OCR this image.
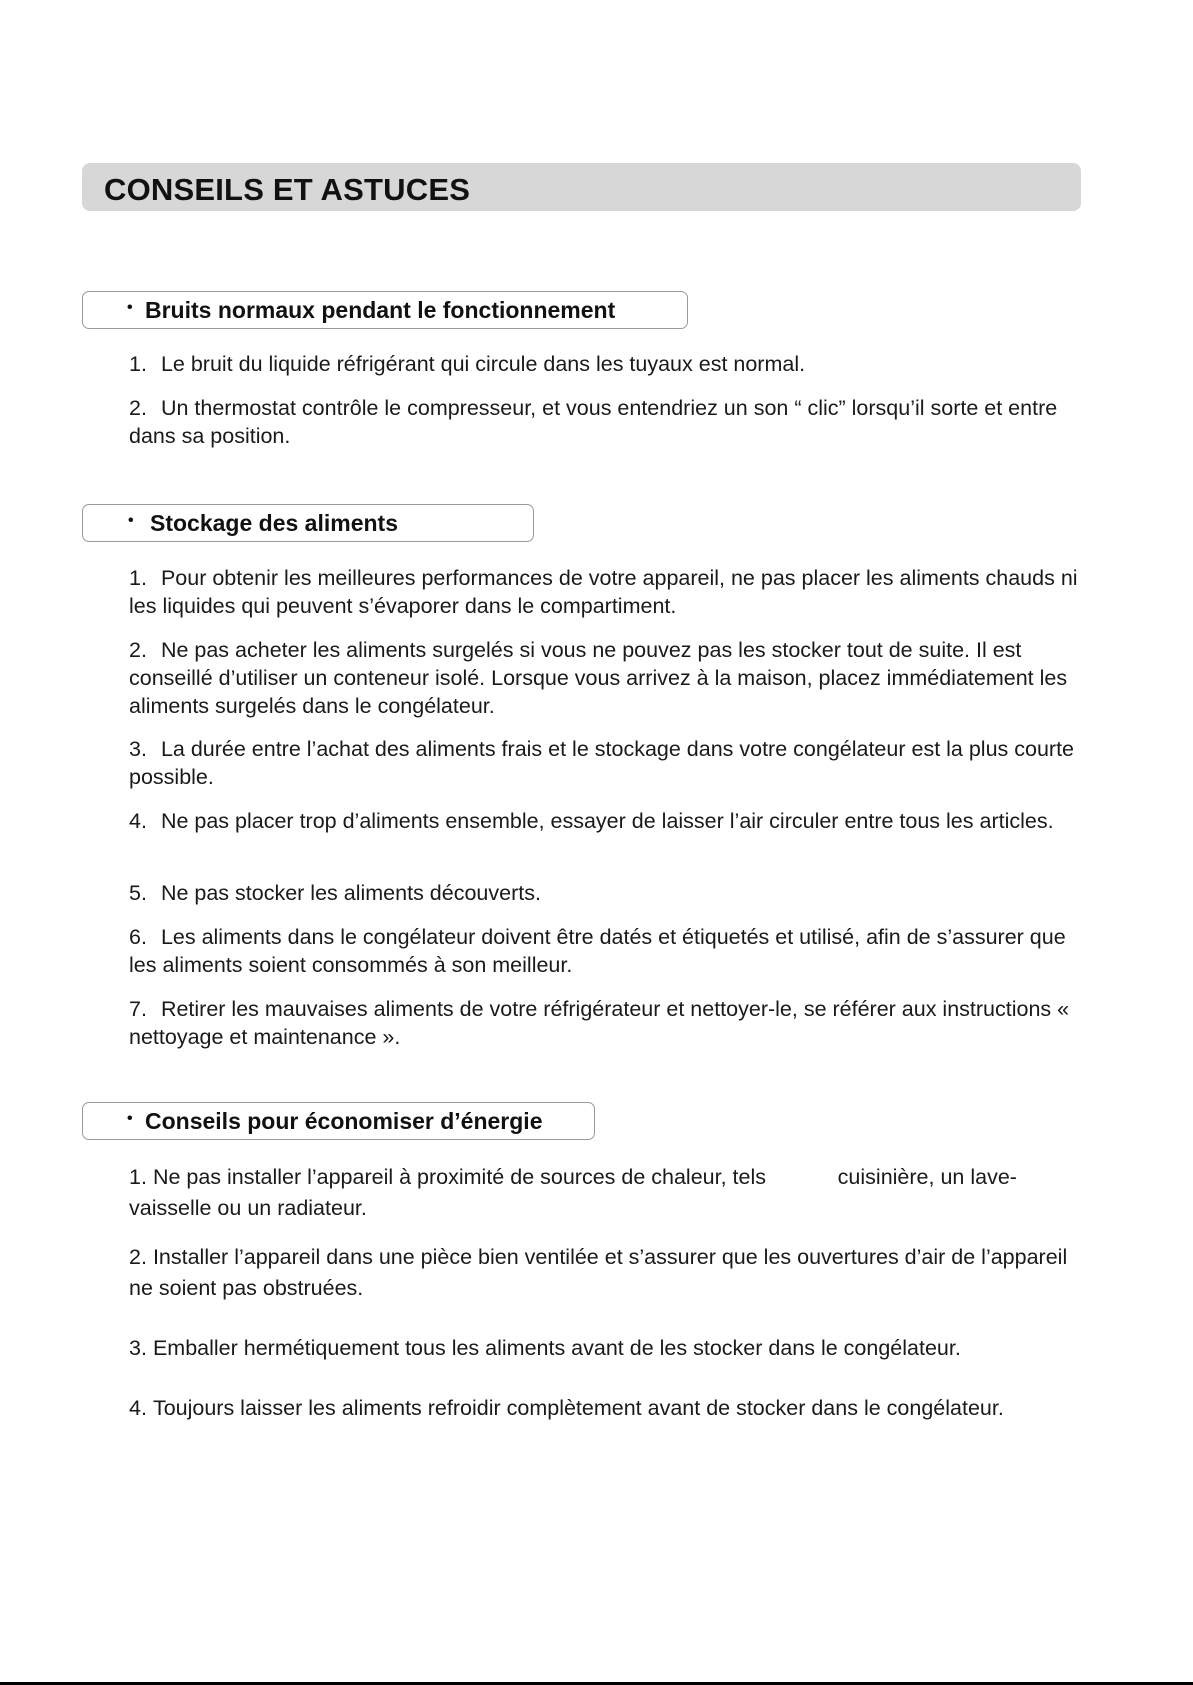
CONSEILS ET ASTUCES
• Bruits normaux pendant le fonctionnement
1. Le bruit du liquide réfrigérant qui circule dans les tuyaux est normal.
2. Un thermostat contrôle le compresseur, et vous entendriez un son “ clic” lorsqu’il sorte et entre dans sa position.
• Stockage des aliments
1. Pour obtenir les meilleures performances de votre appareil, ne pas placer les aliments chauds ni les liquides qui peuvent s’évaporer dans le compartiment.
2. Ne pas acheter les aliments surgelés si vous ne pouvez pas les stocker tout de suite. Il est conseillé d’utiliser un conteneur isolé. Lorsque vous arrivez à la maison, placez immédiatement les aliments surgelés dans le congélateur.
3. La durée entre l’achat des aliments frais et le stockage dans votre congélateur est la plus courte possible.
4. Ne pas placer trop d’aliments ensemble, essayer de laisser l’air circuler entre tous les articles.
5. Ne pas stocker les aliments découverts.
6. Les aliments dans le congélateur doivent être datés et étiquetés et utilisé, afin de s’assurer que les aliments soient consommés à son meilleur.
7. Retirer les mauvaises aliments de votre réfrigérateur et nettoyer-le, se référer aux instructions « nettoyage et maintenance ».
• Conseils pour économiser d’énergie
1. Ne pas installer l’appareil à proximité de sources de chaleur, tels            cuisinière, un lave-vaisselle ou un radiateur.
2. Installer l’appareil dans une pièce bien ventilée et s’assurer que les ouvertures d’air de l’appareil ne soient pas obstruées.
3. Emballer hermétiquement tous les aliments avant de les stocker dans le congélateur.
4. Toujours laisser les aliments refroidir complètement avant de stocker dans le congélateur.
